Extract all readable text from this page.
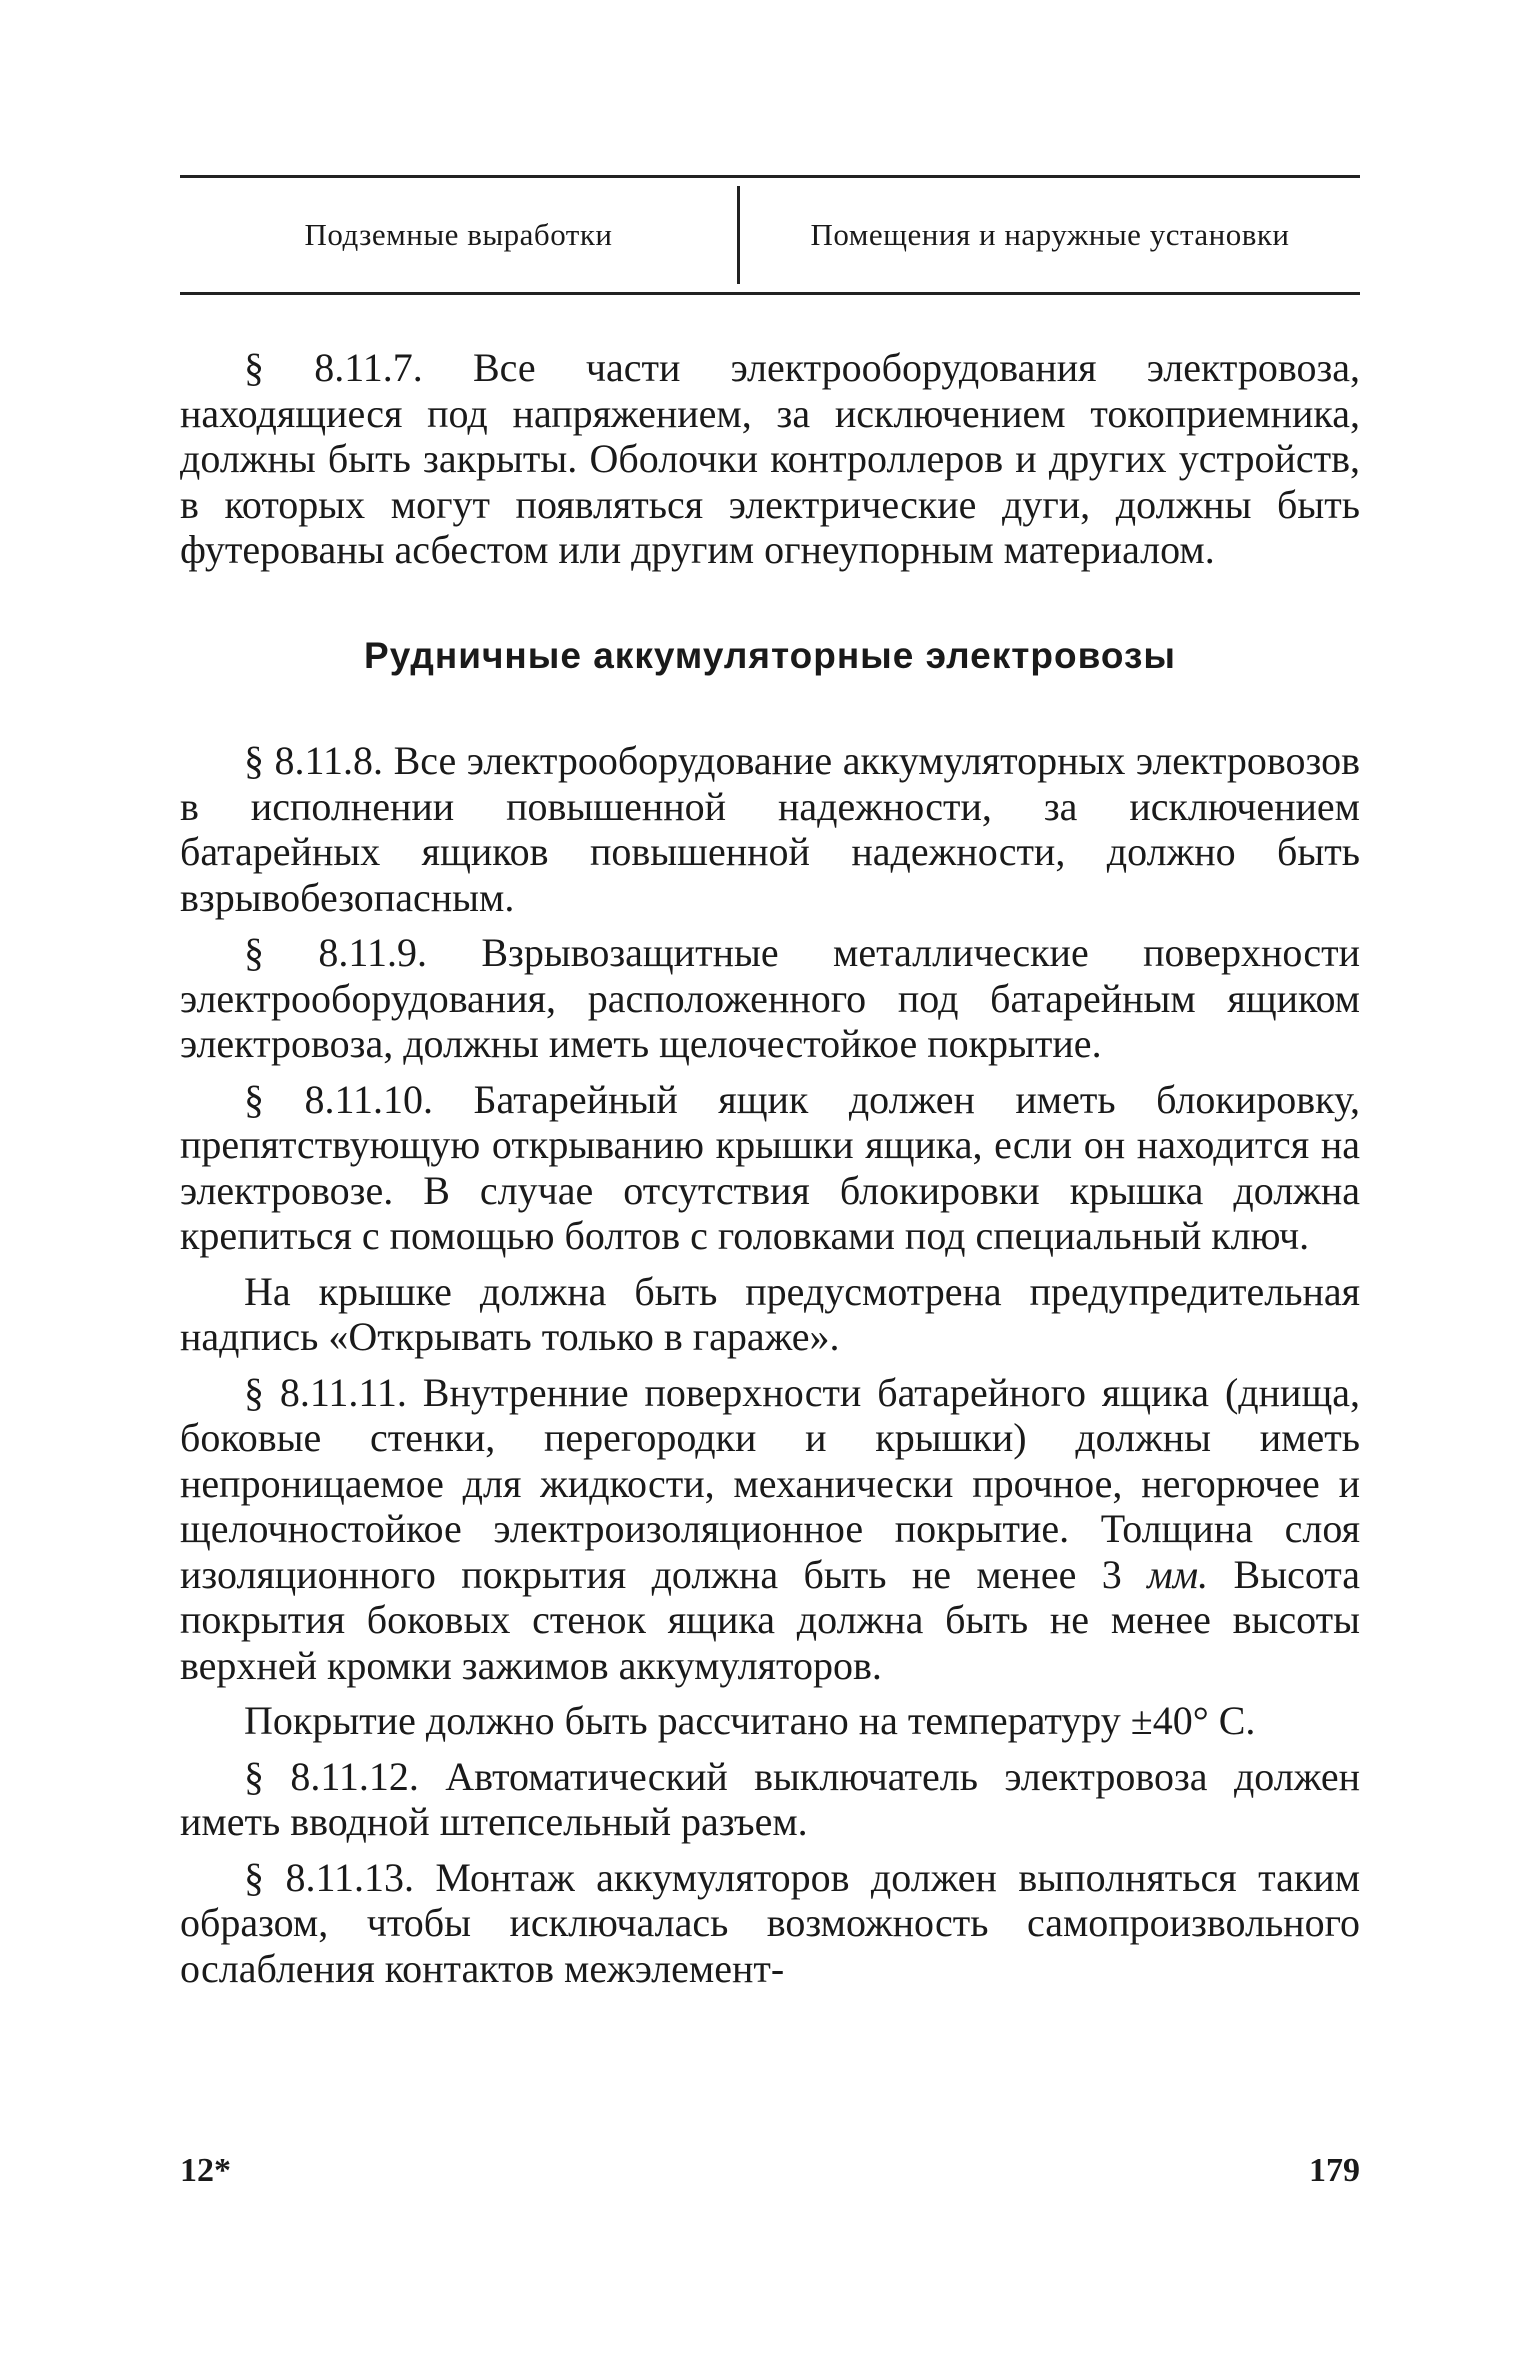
Подземные выработки	Помещения и наружные установки

§ 8.11.7. Все части электрооборудования электровоза, находящиеся под напряжением, за исключением токоприемника, должны быть закрыты. Оболочки контроллеров и других устройств, в которых могут появляться электрические дуги, должны быть футерованы асбестом или другим огнеупорным материалом.

Рудничные аккумуляторные электровозы

§ 8.11.8. Все электрооборудование аккумуляторных электровозов в исполнении повышенной надежности, за исключением батарейных ящиков повышенной надежности, должно быть взрывобезопасным.

§ 8.11.9. Взрывозащитные металлические поверхности электрооборудования, расположенного под батарейным ящиком электровоза, должны иметь щелочестойкое покрытие.

§ 8.11.10. Батарейный ящик должен иметь блокировку, препятствующую открыванию крышки ящика, если он находится на электровозе. В случае отсутствия блокировки крышка должна крепиться с помощью болтов с головками под специальный ключ.

На крышке должна быть предусмотрена предупредительная надпись «Открывать только в гараже».

§ 8.11.11. Внутренние поверхности батарейного ящика (днища, боковые стенки, перегородки и крышки) должны иметь непроницаемое для жидкости, механически прочное, негорючее и щелочностойкое электроизоляционное покрытие. Толщина слоя изоляционного покрытия должна быть не менее 3 мм. Высота покрытия боковых стенок ящика должна быть не менее высоты верхней кромки зажимов аккумуляторов.

Покрытие должно быть рассчитано на температуру ±40° С.

§ 8.11.12. Автоматический выключатель электровоза должен иметь вводной штепсельный разъем.

§ 8.11.13. Монтаж аккумуляторов должен выполняться таким образом, чтобы исключалась возможность самопроизвольного ослабления контактов межэлемент-

12*	179
